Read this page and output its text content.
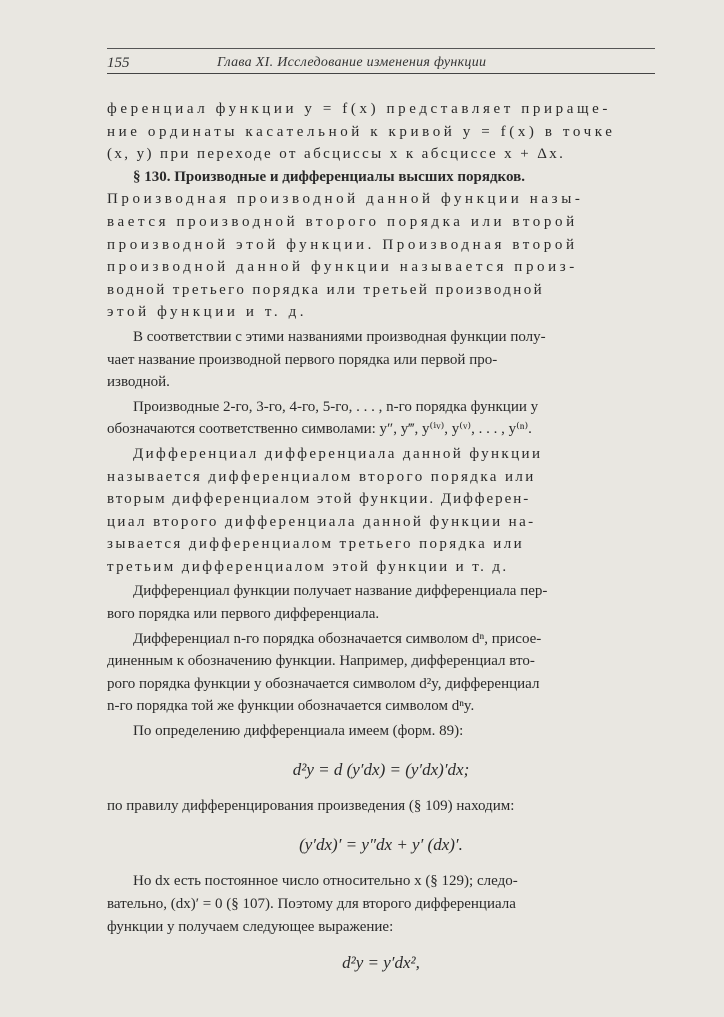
155	Глава XI. Исследование изменения функции

ференциал функции y = f(x) представляет прираще-

ние ординаты касательной к кривой y = f(x) в точке

(x, y) при переходе от абсциссы x к абсциссе x + Δx.

§ 130. Производные и дифференциалы высших порядков.

Производная производной данной функции назы-

вается производной второго порядка или второй

производной этой функции. Производная второй

производной данной функции называется произ-

водной третьего порядка или третьей производной

этой функции и т. д.

В соответствии с этими названиями производная функции полу-

чает название производной первого порядка или первой про-

изводной.

Производные 2-го, 3-го, 4-го, 5-го, . . . , n-го порядка функции y

обозначаются соответственно символами: y″, y‴, y⁽ⁱᵛ⁾, y⁽ᵛ⁾, . . . , y⁽ⁿ⁾.

Дифференциал дифференциала данной функции

называется дифференциалом второго порядка или

вторым дифференциалом этой функции. Дифферен-

циал второго дифференциала данной функции на-

зывается дифференциалом третьего порядка или

третьим дифференциалом этой функции и т. д.

Дифференциал функции получает название дифференциала пер-

вого порядка или первого дифференциала.

Дифференциал n-го порядка обозначается символом dⁿ, присое-

диненным к обозначению функции. Например, дифференциал вто-

рого порядка функции y обозначается символом d²y, дифференциал

n-го порядка той же функции обозначается символом dⁿy.

По определению дифференциала имеем (форм. 89):

d²y = d (y′dx) = (y′dx)′dx;

по правилу дифференцирования произведения (§ 109) находим:

(y′dx)′ = y″dx + y′ (dx)′.

Но dx есть постоянное число относительно x (§ 129); следо-

вательно, (dx)′ = 0 (§ 107). Поэтому для второго дифференциала

функции y получаем следующее выражение:

d²y = y′dx²,
